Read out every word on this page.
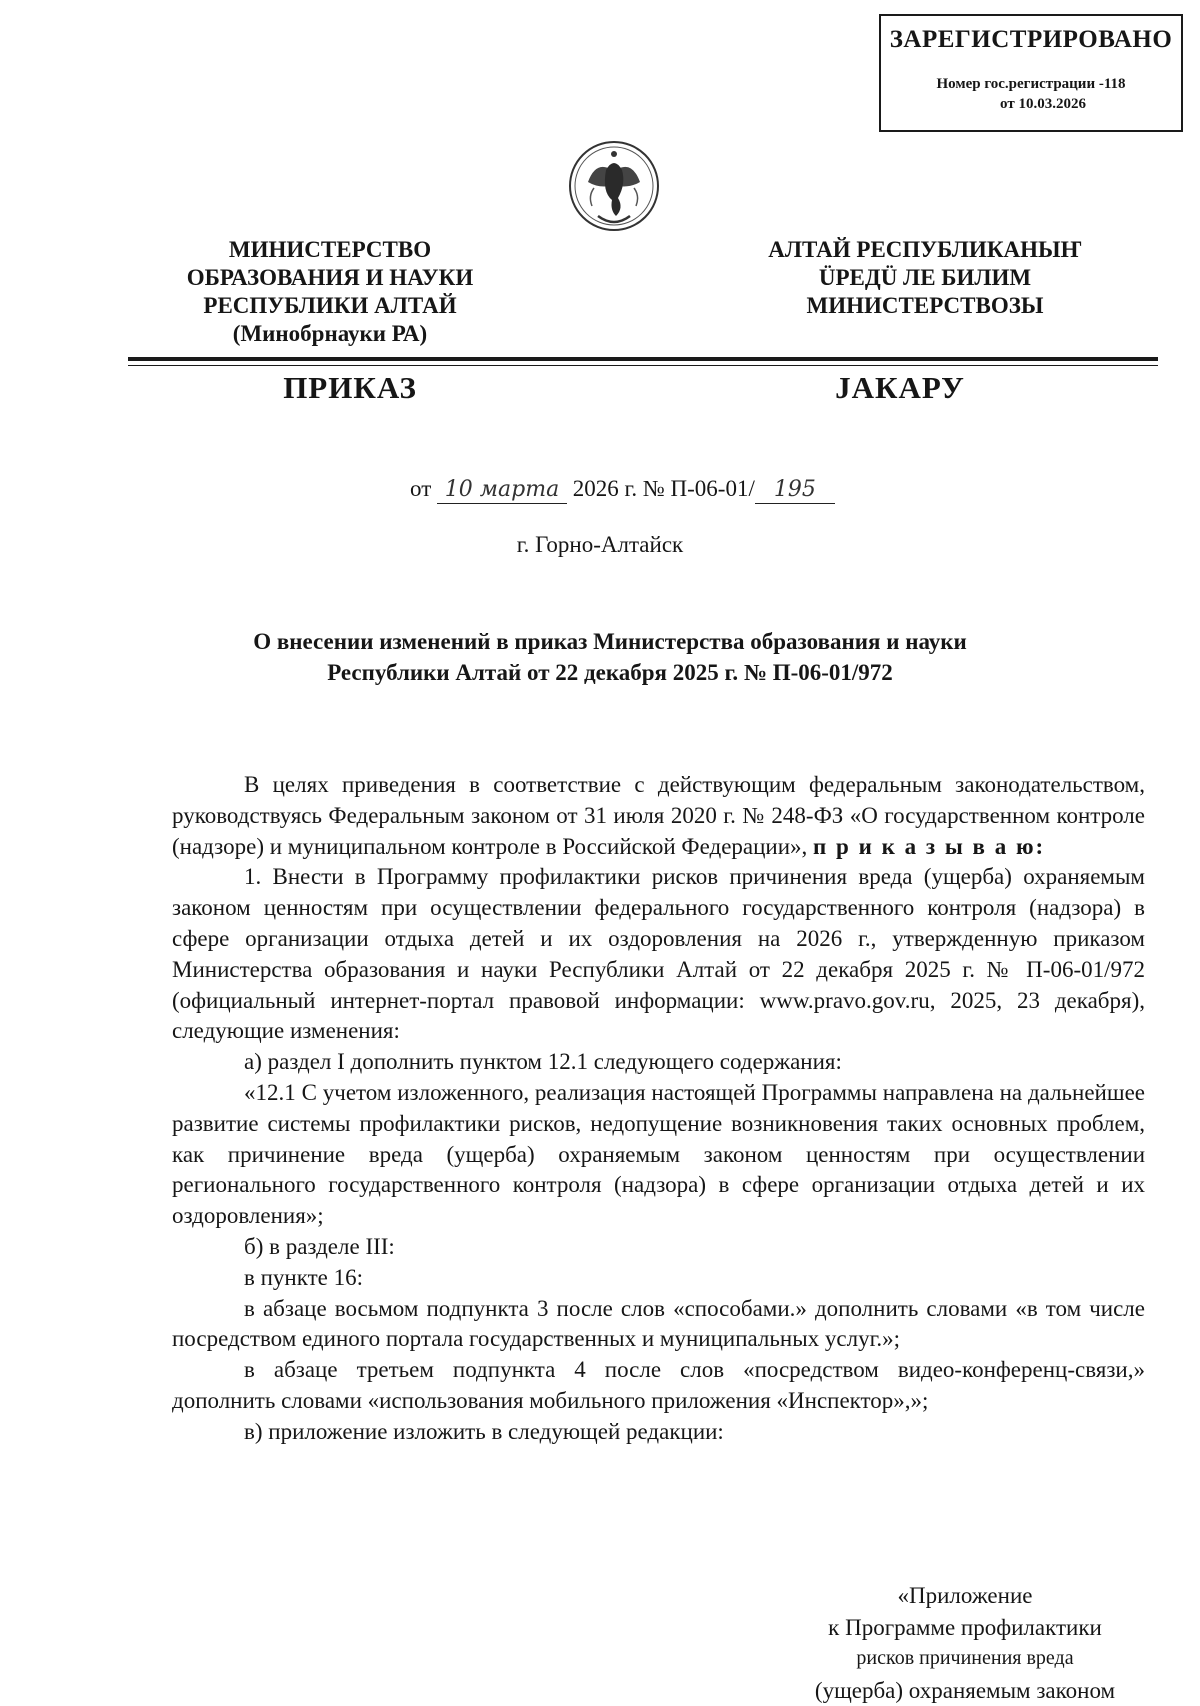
ЗАРЕГИСТРИРОВАНО
Номер гос.регистрации -118
от 10.03.2026
МИНИСТЕРСТВО
ОБРАЗОВАНИЯ И НАУКИ
РЕСПУБЛИКИ АЛТАЙ
(Минобрнауки РА)
АЛТАЙ РЕСПУБЛИКАНЫҤ
ÜРЕДÜ ЛЕ БИЛИМ
МИНИСТЕРСТВОЗЫ
ПРИКАЗ	JАКАРУ
от 10 марта 2026 г. № П-06-01/ 195
г. Горно-Алтайск
О внесении изменений в приказ Министерства образования и науки
Республики Алтай от 22 декабря 2025 г. № П-06-01/972

В целях приведения в соответствие с действующим федеральным законодательством, руководствуясь Федеральным законом от 31 июля 2020 г. № 248-ФЗ «О государственном контроле (надзоре) и муниципальном контроле в Российской Федерации», п р и к а з ы в а ю:

1. Внести в Программу профилактики рисков причинения вреда (ущерба) охраняемым законом ценностям при осуществлении федерального государственного контроля (надзора) в сфере организации отдыха детей и их оздоровления на 2026 г., утвержденную приказом Министерства образования и науки Республики Алтай от 22 декабря 2025 г. № П-06-01/972 (официальный интернет-портал правовой информации: www.pravo.gov.ru, 2025, 23 декабря), следующие изменения:

а) раздел I дополнить пунктом 12.1 следующего содержания:

«12.1 С учетом изложенного, реализация настоящей Программы направлена на дальнейшее развитие системы профилактики рисков, недопущение возникновения таких основных проблем, как причинение вреда (ущерба) охраняемым законом ценностям при осуществлении регионального государственного контроля (надзора) в сфере организации отдыха детей и их оздоровления»;

б) в разделе III:

в пункте 16:

в абзаце восьмом подпункта 3 после слов «способами.» дополнить словами «в том числе посредством единого портала государственных и муниципальных услуг.»;

в абзаце третьем подпункта 4 после слов «посредством видео-конференц-связи,» дополнить словами «использования мобильного приложения «Инспектор»,»;

в) приложение изложить в следующей редакции:

«Приложение
к Программе профилактики
рисков причинения вреда
(ущерба) охраняемым законом
